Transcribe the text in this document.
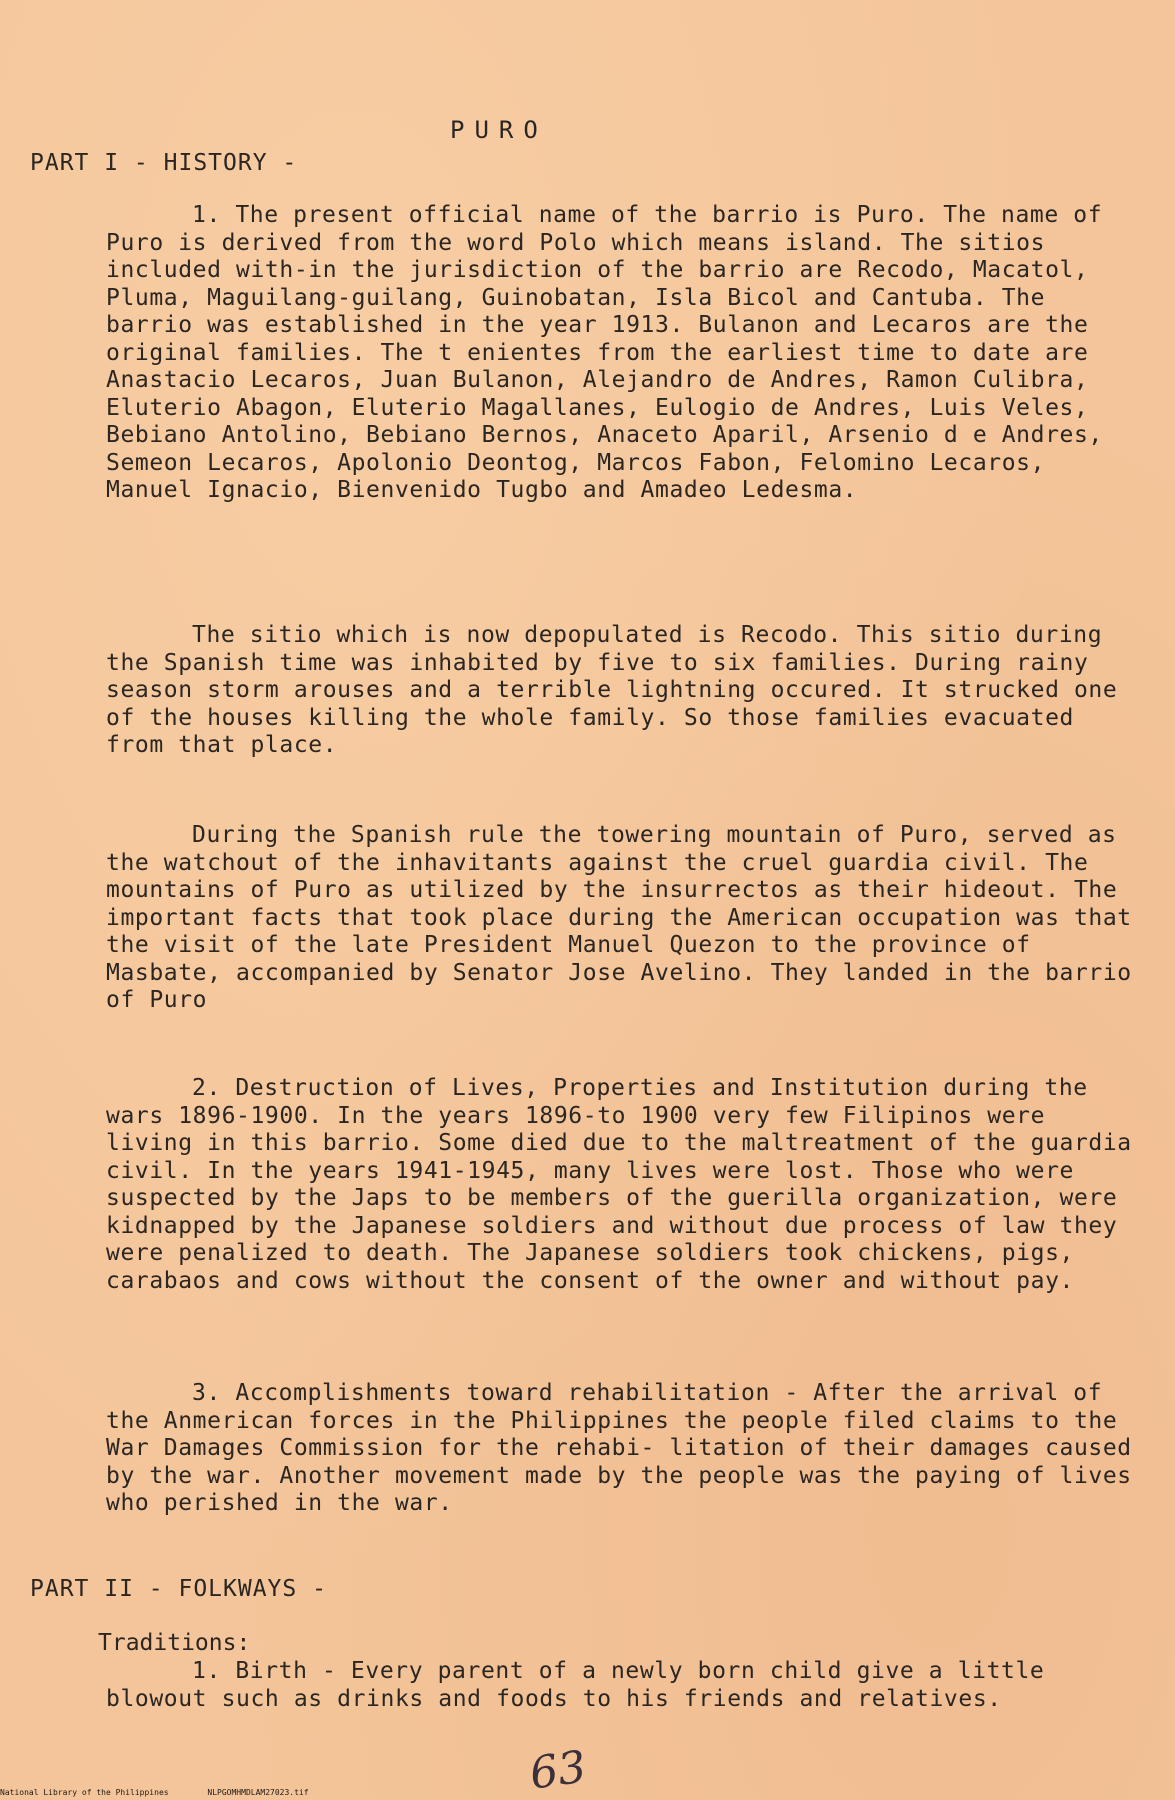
PURO
PART I - HISTORY -

1. The present official name of the barrio is Puro. The name of Puro is derived from the word Polo which means island. The sitios included with-in the jurisdiction of the barrio are Recodo, Macatol, Pluma, Maguilang-guilang, Guinobatan, Isla Bicol and Cantuba. The barrio was established in the year 1913. Bulanon and Lecaros are the original families. The t enientes from the earliest time to date are Anastacio Lecaros, Juan Bulanon, Alejandro de Andres, Ramon Culibra, Eluterio Abagon, Eluterio Magallanes, Eulogio de Andres, Luis Veles, Bebiano Antolino, Bebiano Bernos, Anaceto Aparil, Arsenio d e Andres, Semeon Lecaros, Apolonio Deontog, Marcos Fabon, Felomino Lecaros, Manuel Ignacio, Bienvenido Tugbo and Amadeo Ledesma.

The sitio which is now depopulated is Recodo. This sitio during the Spanish time was inhabited by five to six families. During rainy season storm arouses and a terrible lightning occured. It strucked one of the houses killing the whole family. So those families evacuated from that place.

During the Spanish rule the towering mountain of Puro, served as the watchout of the inhavitants against the cruel guardia civil. The mountains of Puro as utilized by the insurrectos as their hideout. The important facts that took place during the American occupation was that the visit of the late President Manuel Quezon to the province of Masbate, accompanied by Senator Jose Avelino. They landed in the barrio of Puro

2. Destruction of Lives, Properties and Institution during the wars 1896-1900. In the years 1896-to 1900 very few Filipinos were living in this barrio. Some died due to the maltreatment of the guardia civil. In the years 1941-1945, many lives were lost. Those who were suspected by the Japs to be members of the guerilla organization, were kidnapped by the Japanese soldiers and without due process of law they were penalized to death. The Japanese soldiers took chickens, pigs, carabaos and cows without the consent of the owner and without pay.

3. Accomplishments toward rehabilitation - After the arrival of the Anmerican forces in the Philippines the people filed claims to the War Damages Commission for the rehabi- litation of their damages caused by the war. Another movement made by the people was the paying of lives who perished in the war.

PART II - FOLKWAYS -
Traditions:

1. Birth - Every parent of a newly born child give a little blowout such as drinks and foods to his friends and relatives.

63
National Library of the Philippines	NLPGOMHMDLAM27023.tif
